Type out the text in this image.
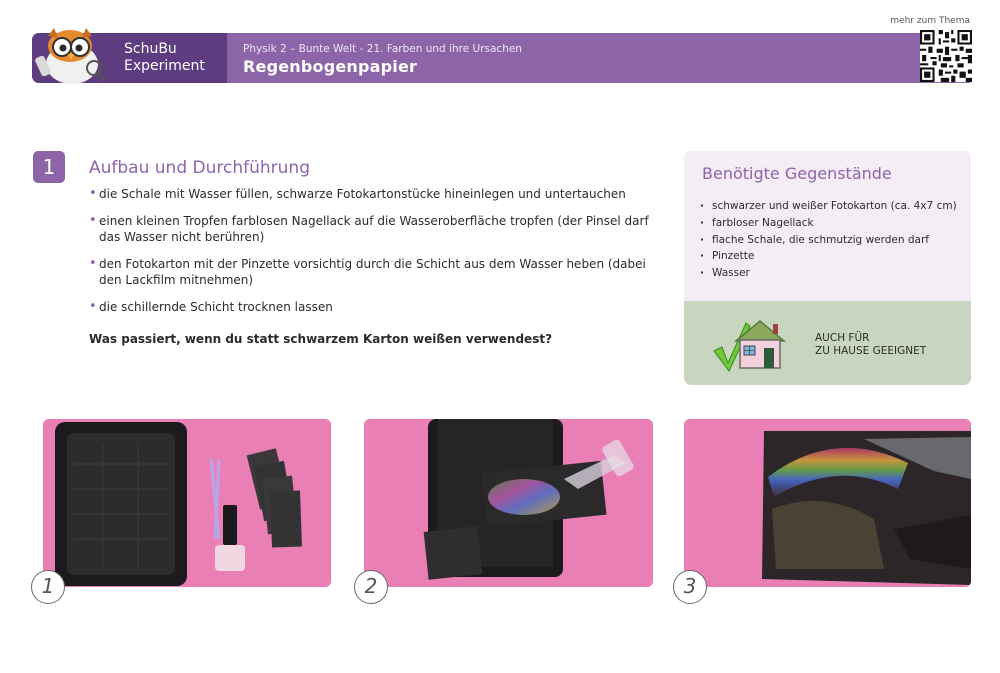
mehr zum Thema
SchuBu
Experiment
Physik 2 – Bunte Welt - 21. Farben und ihre Ursachen
Regenbogenpapier
1	Aufbau und Durchführung
• die Schale mit Wasser füllen, schwarze Fotokartonstücke hineinlegen und untertauchen
• einen kleinen Tropfen farblosen Nagellack auf die Wasseroberfläche tropfen (der Pinsel darf das Wasser nicht berühren)
• den Fotokarton mit der Pinzette vorsichtig durch die Schicht aus dem Wasser heben (dabei den Lackfilm mitnehmen)
• die schillernde Schicht trocknen lassen
Was passiert, wenn du statt schwarzem Karton weißen verwendest?
Benötigte Gegenstände
· schwarzer und weißer Fotokarton (ca. 4x7 cm)
· farbloser Nagellack
· flache Schale, die schmutzig werden darf
· Pinzette
· Wasser
AUCH FÜR
ZU HAUSE GEEIGNET
1	2	3
